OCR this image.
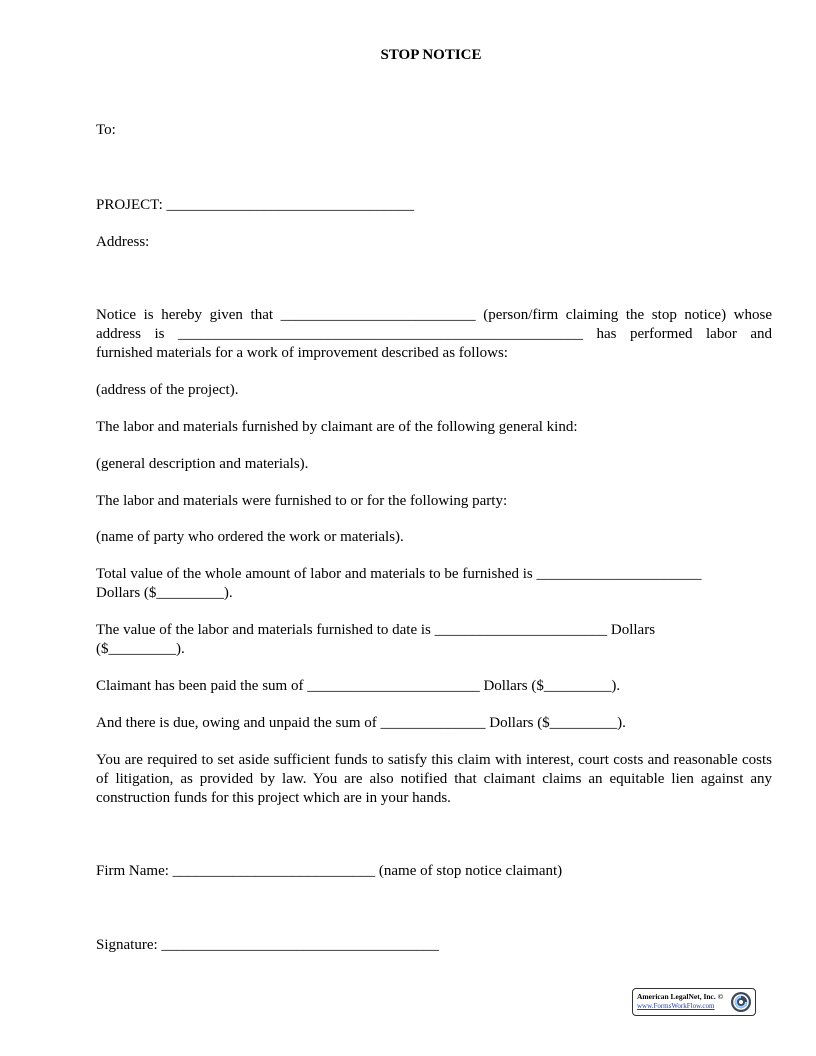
STOP NOTICE
To:
PROJECT: _________________________________
Address:
Notice is hereby given that __________________________ (person/firm claiming the stop notice) whose address is ______________________________________________________ has performed labor and furnished materials for a work of improvement described as follows:
(address of the project).
The labor and materials furnished by claimant are of the following general kind:
(general description and materials).
The labor and materials were furnished to or for the following party:
(name of party who ordered the work or materials).
Total value of the whole amount of labor and materials to be furnished is ______________________ Dollars ($_________).
The value of the labor and materials furnished to date is _______________________ Dollars ($_________).
Claimant has been paid the sum of _______________________ Dollars ($_________).
And there is due, owing and unpaid the sum of ______________ Dollars ($_________).
You are required to set aside sufficient funds to satisfy this claim with interest, court costs and reasonable costs of litigation, as provided by law. You are also notified that claimant claims an equitable lien against any construction funds for this project which are in your hands.
Firm Name: ___________________________ (name of stop notice claimant)
Signature: _____________________________________
American LegalNet, Inc. ©
www.FormsWorkFlow.com
